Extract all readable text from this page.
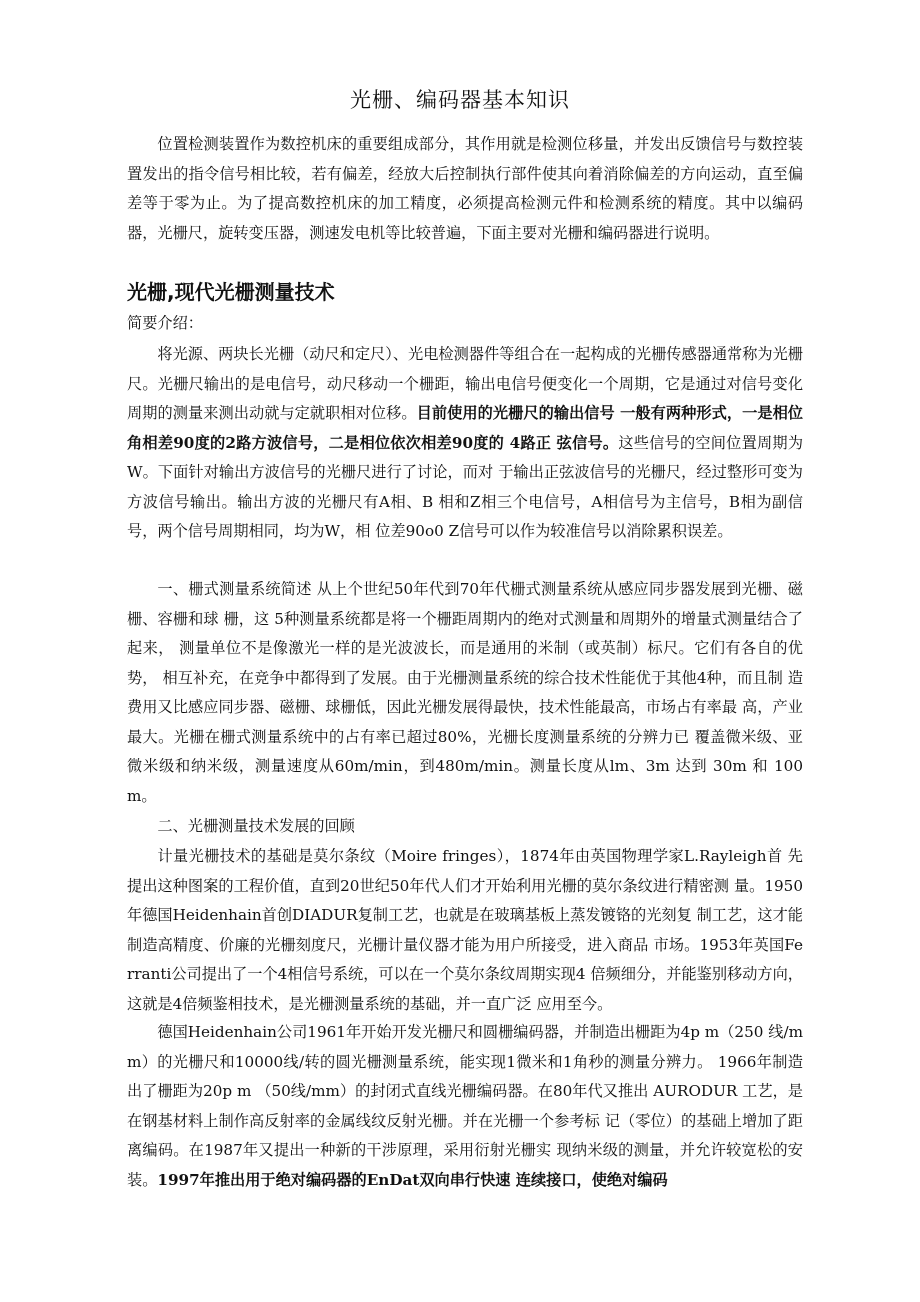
光栅、编码器基本知识
位置检测装置作为数控机床的重要组成部分，其作用就是检测位移量，并发出反馈信号与数控装置发出的指令信号相比较，若有偏差，经放大后控制执行部件使其向着消除偏差的方向运动，直至偏差等于零为止。为了提高数控机床的加工精度，必须提高检测元件和检测系统的精度。其中以编码器，光栅尺，旋转变压器，测速发电机等比较普遍，下面主要对光栅和编码器进行说明。
光栅,现代光栅测量技术
简要介绍：
将光源、两块长光栅（动尺和定尺）、光电检测器件等组合在一起构成的光栅传感器通常称为光栅尺。光栅尺输出的是电信号，动尺移动一个栅距，输出电信号便变化一个周期，它是通过对信号变化周期的测量来测出动就与定就职相对位移。目前使用的光栅尺的输出信号 一般有两种形式，一是相位角相差90度的2路方波信号，二是相位依次相差90度的 4路正 弦信号。这些信号的空间位置周期为W。下面针对输出方波信号的光栅尺进行了讨论，而对 于输出正弦波信号的光栅尺，经过整形可变为方波信号输出。输出方波的光栅尺有A相、B 相和Z相三个电信号，A相信号为主信号，B相为副信号，两个信号周期相同，均为W，相 位差90o0 Z信号可以作为较准信号以消除累积误差。
一、栅式测量系统简述 从上个世纪50年代到70年代栅式测量系统从感应同步器发展到光栅、磁栅、容栅和球 栅，这 5种测量系统都是将一个栅距周期内的绝对式测量和周期外的增量式测量结合了起来， 测量单位不是像激光一样的是光波波长，而是通用的米制（或英制）标尺。它们有各自的优势， 相互补充，在竞争中都得到了发展。由于光栅测量系统的综合技术性能优于其他4种，而且制 造费用又比感应同步器、磁栅、球栅低，因此光栅发展得最快，技术性能最高，市场占有率最 高，产业最大。光栅在栅式测量系统中的占有率已超过80%，光栅长度测量系统的分辨力已 覆盖微米级、亚微米级和纳米级，测量速度从60m/min，到480m/min。测量长度从lm、3m 达到 30m 和 100m。
二、光栅测量技术发展的回顾
计量光栅技术的基础是莫尔条纹（Moire fringes），1874年由英国物理学家L.Rayleigh首 先提出这种图案的工程价值，直到20世纪50年代人们才开始利用光栅的莫尔条纹进行精密测 量。1950年德国Heidenhain首创DIADUR复制工艺，也就是在玻璃基板上蒸发镀铬的光刻复 制工艺，这才能制造高精度、价廉的光栅刻度尺，光栅计量仪器才能为用户所接受，进入商品 市场。1953年英国Ferranti公司提出了一个4相信号系统，可以在一个莫尔条纹周期实现4 倍频细分，并能鉴别移动方向，这就是4倍频鉴相技术，是光栅测量系统的基础，并一直广泛 应用至今。
德国Heidenhain公司1961年开始开发光栅尺和圆栅编码器，并制造出栅距为4p m（250 线/mm）的光栅尺和10000线/转的圆光栅测量系统，能实现1微米和1角秒的测量分辨力。 1966年制造出了栅距为20p m （50线/mm）的封闭式直线光栅编码器。在80年代又推出 AURODUR 工艺，是在钢基材料上制作高反射率的金属线纹反射光栅。并在光栅一个参考标 记（零位）的基础上增加了距离编码。在1987年又提出一种新的干涉原理，采用衍射光栅实 现纳米级的测量，并允许较宽松的安装。1997年推出用于绝对编码器的EnDat双向串行快速 连续接口，使绝对编码
